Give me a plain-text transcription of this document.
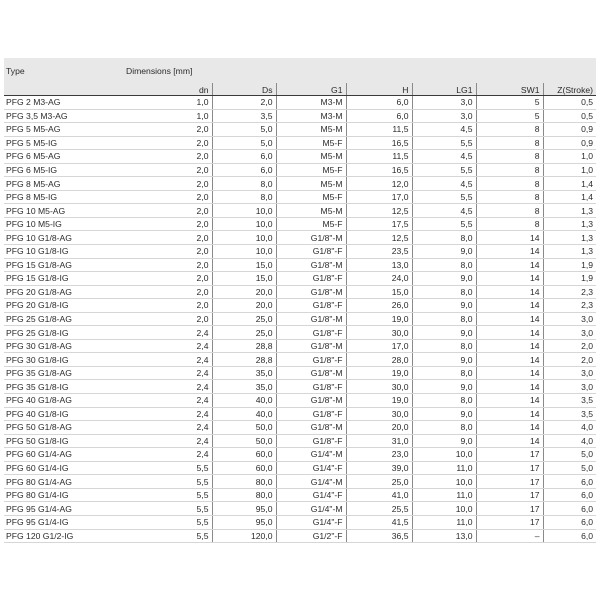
Type	Dimensions [mm]						
	dn	Ds	G1	H	LG1	SW1	Z(Stroke)
PFG 2 M3-AG	1,0	2,0	M3-M	6,0	3,0	5	0,5
PFG 3,5 M3-AG	1,0	3,5	M3-M	6,0	3,0	5	0,5
PFG 5 M5-AG	2,0	5,0	M5-M	11,5	4,5	8	0,9
PFG 5 M5-IG	2,0	5,0	M5-F	16,5	5,5	8	0,9
PFG 6 M5-AG	2,0	6,0	M5-M	11,5	4,5	8	1,0
PFG 6 M5-IG	2,0	6,0	M5-F	16,5	5,5	8	1,0
PFG 8 M5-AG	2,0	8,0	M5-M	12,0	4,5	8	1,4
PFG 8 M5-IG	2,0	8,0	M5-F	17,0	5,5	8	1,4
PFG 10 M5-AG	2,0	10,0	M5-M	12,5	4,5	8	1,3
PFG 10 M5-IG	2,0	10,0	M5-F	17,5	5,5	8	1,3
PFG 10 G1/8-AG	2,0	10,0	G1/8"-M	12,5	8,0	14	1,3
PFG 10 G1/8-IG	2,0	10,0	G1/8"-F	23,5	9,0	14	1,3
PFG 15 G1/8-AG	2,0	15,0	G1/8"-M	13,0	8,0	14	1,9
PFG 15 G1/8-IG	2,0	15,0	G1/8"-F	24,0	9,0	14	1,9
PFG 20 G1/8-AG	2,0	20,0	G1/8"-M	15,0	8,0	14	2,3
PFG 20 G1/8-IG	2,0	20,0	G1/8"-F	26,0	9,0	14	2,3
PFG 25 G1/8-AG	2,0	25,0	G1/8"-M	19,0	8,0	14	3,0
PFG 25 G1/8-IG	2,4	25,0	G1/8"-F	30,0	9,0	14	3,0
PFG 30 G1/8-AG	2,4	28,8	G1/8"-M	17,0	8,0	14	2,0
PFG 30 G1/8-IG	2,4	28,8	G1/8"-F	28,0	9,0	14	2,0
PFG 35 G1/8-AG	2,4	35,0	G1/8"-M	19,0	8,0	14	3,0
PFG 35 G1/8-IG	2,4	35,0	G1/8"-F	30,0	9,0	14	3,0
PFG 40 G1/8-AG	2,4	40,0	G1/8"-M	19,0	8,0	14	3,5
PFG 40 G1/8-IG	2,4	40,0	G1/8"-F	30,0	9,0	14	3,5
PFG 50 G1/8-AG	2,4	50,0	G1/8"-M	20,0	8,0	14	4,0
PFG 50 G1/8-IG	2,4	50,0	G1/8"-F	31,0	9,0	14	4,0
PFG 60 G1/4-AG	2,4	60,0	G1/4"-M	23,0	10,0	17	5,0
PFG 60 G1/4-IG	5,5	60,0	G1/4"-F	39,0	11,0	17	5,0
PFG 80 G1/4-AG	5,5	80,0	G1/4"-M	25,0	10,0	17	6,0
PFG 80 G1/4-IG	5,5	80,0	G1/4"-F	41,0	11,0	17	6,0
PFG 95 G1/4-AG	5,5	95,0	G1/4"-M	25,5	10,0	17	6,0
PFG 95 G1/4-IG	5,5	95,0	G1/4"-F	41,5	11,0	17	6,0
PFG 120 G1/2-IG	5,5	120,0	G1/2"-F	36,5	13,0	–	6,0
